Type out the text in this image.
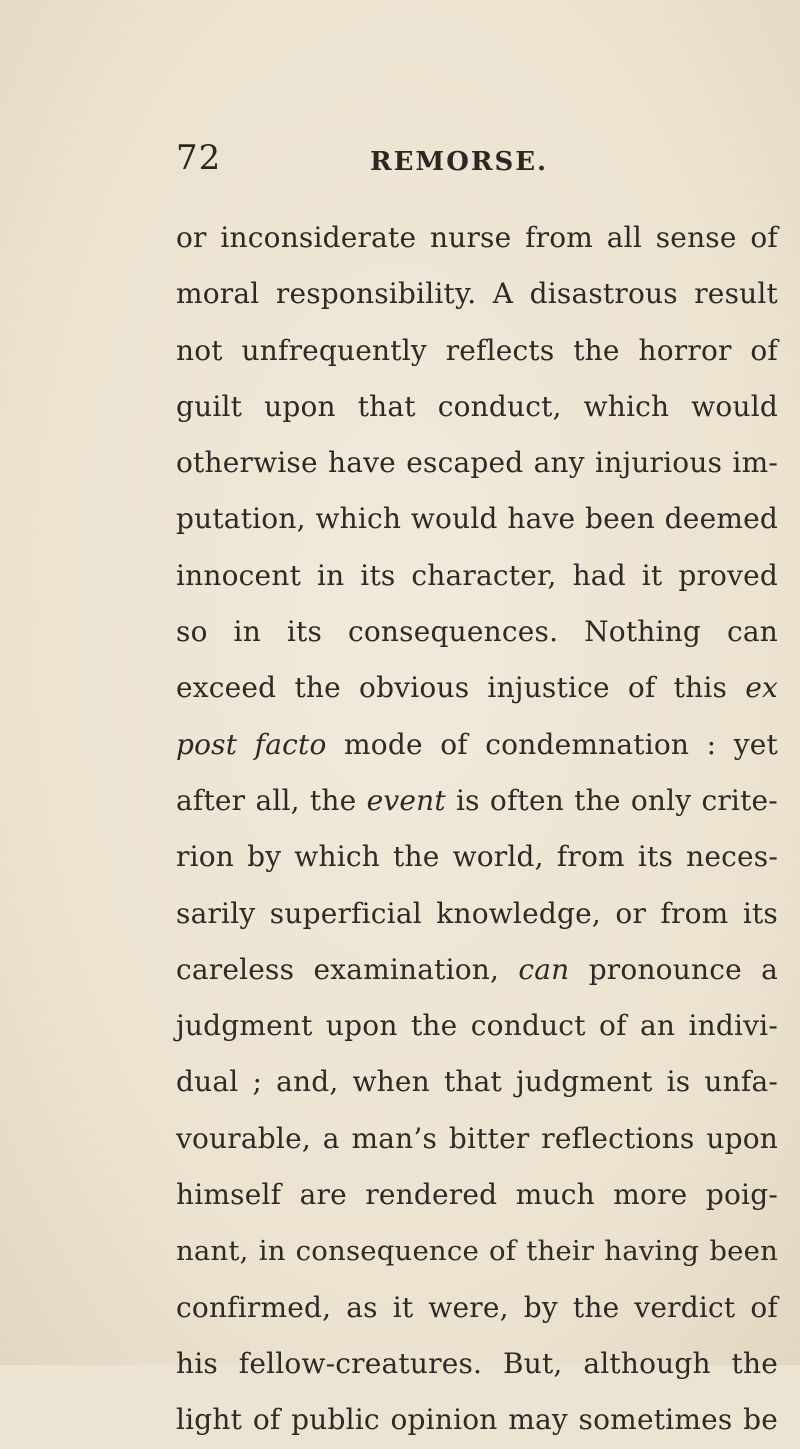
72	REMORSE.
or inconsiderate nurse from all sense of
moral responsibility. A disastrous result
not unfrequently reflects the horror of
guilt upon that conduct, which would
otherwise have escaped any injurious im-
putation, which would have been deemed
innocent in its character, had it proved
so in its consequences. Nothing can
exceed the obvious injustice of this ex
post facto mode of condemnation : yet
after all, the event is often the only crite-
rion by which the world, from its neces-
sarily superficial knowledge, or from its
careless examination, can pronounce a
judgment upon the conduct of an indivi-
dual ; and, when that judgment is unfa-
vourable, a man’s bitter reflections upon
himself are rendered much more poig-
nant, in consequence of their having been
confirmed, as it were, by the verdict of
his fellow-creatures. But, although the
light of public opinion may sometimes be
